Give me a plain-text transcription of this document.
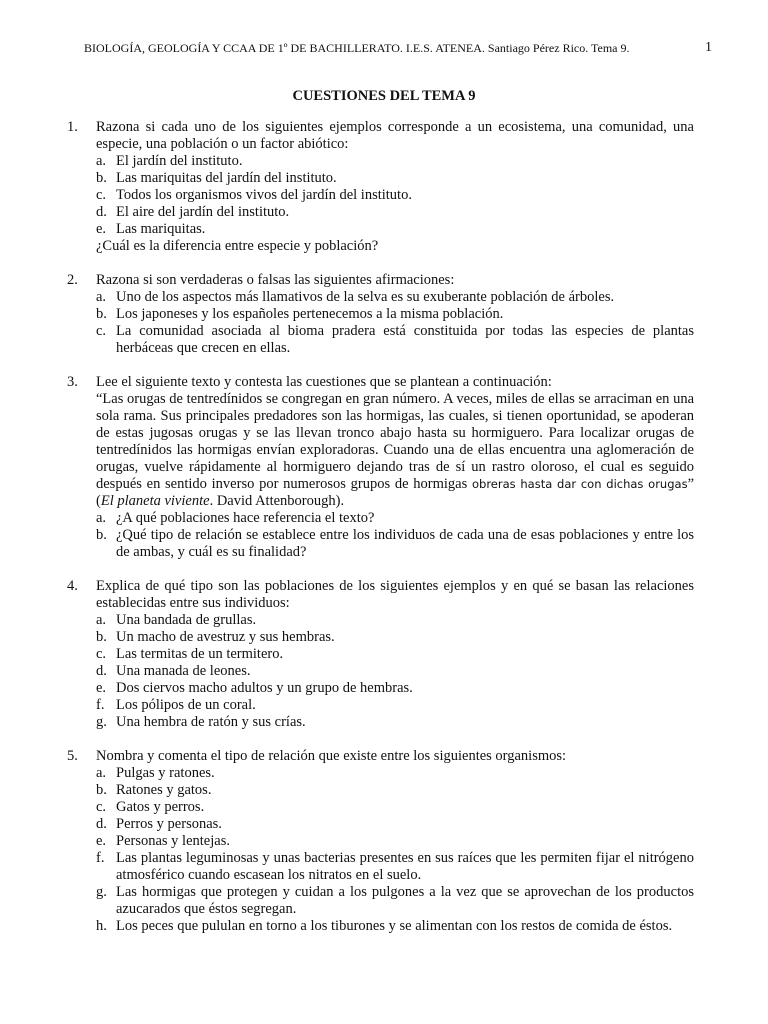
BIOLOGÍA, GEOLOGÍA Y CCAA DE 1º DE BACHILLERATO. I.E.S. ATENEA. Santiago Pérez Rico. Tema 9.	1
CUESTIONES DEL TEMA 9
1.	Razona si cada uno de los siguientes ejemplos corresponde a un ecosistema, una comunidad, una especie, una población o un factor abiótico:
a. El jardín del instituto.
b. Las mariquitas del jardín del instituto.
c. Todos los organismos vivos del jardín del instituto.
d. El aire del jardín del instituto.
e. Las mariquitas.
¿Cuál es la diferencia entre especie y población?
2.	Razona si son verdaderas o falsas las siguientes afirmaciones:
a. Uno de los aspectos más llamativos de la selva es su exuberante población de árboles.
b. Los japoneses y los españoles pertenecemos a la misma población.
c. La comunidad asociada al bioma pradera está constituida por todas las especies de plantas herbáceas que crecen en ellas.
3.	Lee el siguiente texto y contesta las cuestiones que se plantean a continuación:
“Las orugas de tentredínidos se congregan en gran número. A veces, miles de ellas se arraciman en una sola rama. Sus principales predadores son las hormigas, las cuales, si tienen oportunidad, se apoderan de estas jugosas orugas y se las llevan tronco abajo hasta su hormiguero. Para localizar orugas de tentredínidos las hormigas envían exploradoras. Cuando una de ellas encuentra una aglomeración de orugas, vuelve rápidamente al hormiguero dejando tras de sí un rastro oloroso, el cual es seguido después en sentido inverso por numerosos grupos de hormigas obreras hasta dar con dichas orugas” (El planeta viviente. David Attenborough).
a. ¿A qué poblaciones hace referencia el texto?
b. ¿Qué tipo de relación se establece entre los individuos de cada una de esas poblaciones y entre los de ambas, y cuál es su finalidad?
4.	Explica de qué tipo son las poblaciones de los siguientes ejemplos y en qué se basan las relaciones establecidas entre sus individuos:
a. Una bandada de grullas.
b. Un macho de avestruz y sus hembras.
c. Las termitas de un termitero.
d. Una manada de leones.
e. Dos ciervos macho adultos y un grupo de hembras.
f. Los pólipos de un coral.
g. Una hembra de ratón y sus crías.
5.	Nombra y comenta el tipo de relación que existe entre los siguientes organismos:
a. Pulgas y ratones.
b. Ratones y gatos.
c. Gatos y perros.
d. Perros y personas.
e. Personas y lentejas.
f. Las plantas leguminosas y unas bacterias presentes en sus raíces que les permiten fijar el nitrógeno atmosférico cuando escasean los nitratos en el suelo.
g. Las hormigas que protegen y cuidan a los pulgones a la vez que se aprovechan de los productos azucarados que éstos segregan.
h. Los peces que pululan en torno a los tiburones y se alimentan con los restos de comida de éstos.
